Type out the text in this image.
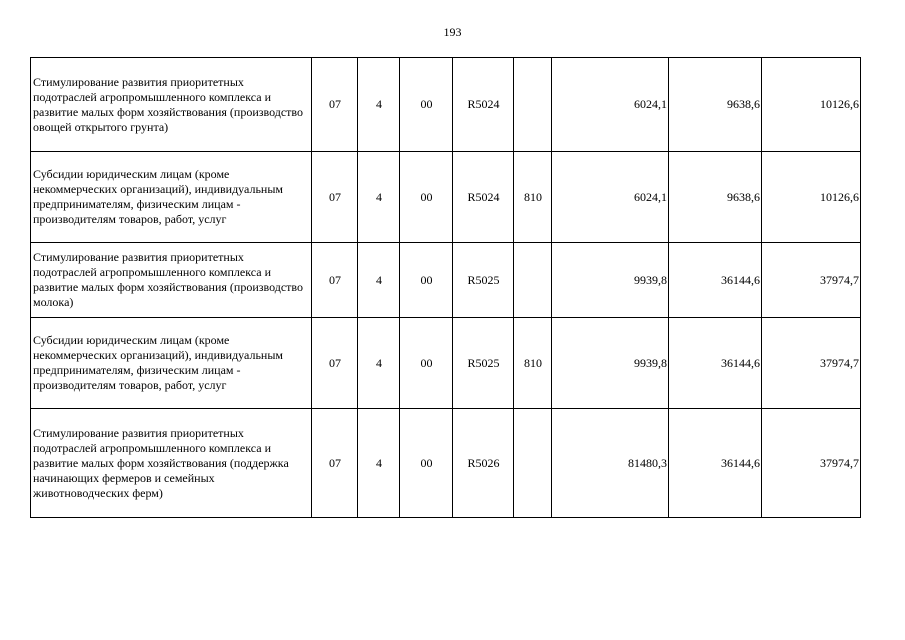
193
Стимулирование развития приоритетных подотраслей агропромышленного комплекса и развитие малых форм хозяйствования (производство овощей открытого грунта)	07	4	00	R5024		6024,1	9638,6	10126,6
Субсидии юридическим лицам (кроме некоммерческих организаций), индивидуальным предпринимателям, физическим лицам - производителям товаров, работ, услуг	07	4	00	R5024	810	6024,1	9638,6	10126,6
Стимулирование развития приоритетных подотраслей агропромышленного комплекса и развитие малых форм хозяйствования (производство молока)	07	4	00	R5025		9939,8	36144,6	37974,7
Субсидии юридическим лицам (кроме некоммерческих организаций), индивидуальным предпринимателям, физическим лицам - производителям товаров, работ, услуг	07	4	00	R5025	810	9939,8	36144,6	37974,7
Стимулирование развития приоритетных подотраслей агропромышленного комплекса и развитие малых форм хозяйствования (поддержка начинающих фермеров и семейных животноводческих ферм)	07	4	00	R5026		81480,3	36144,6	37974,7
